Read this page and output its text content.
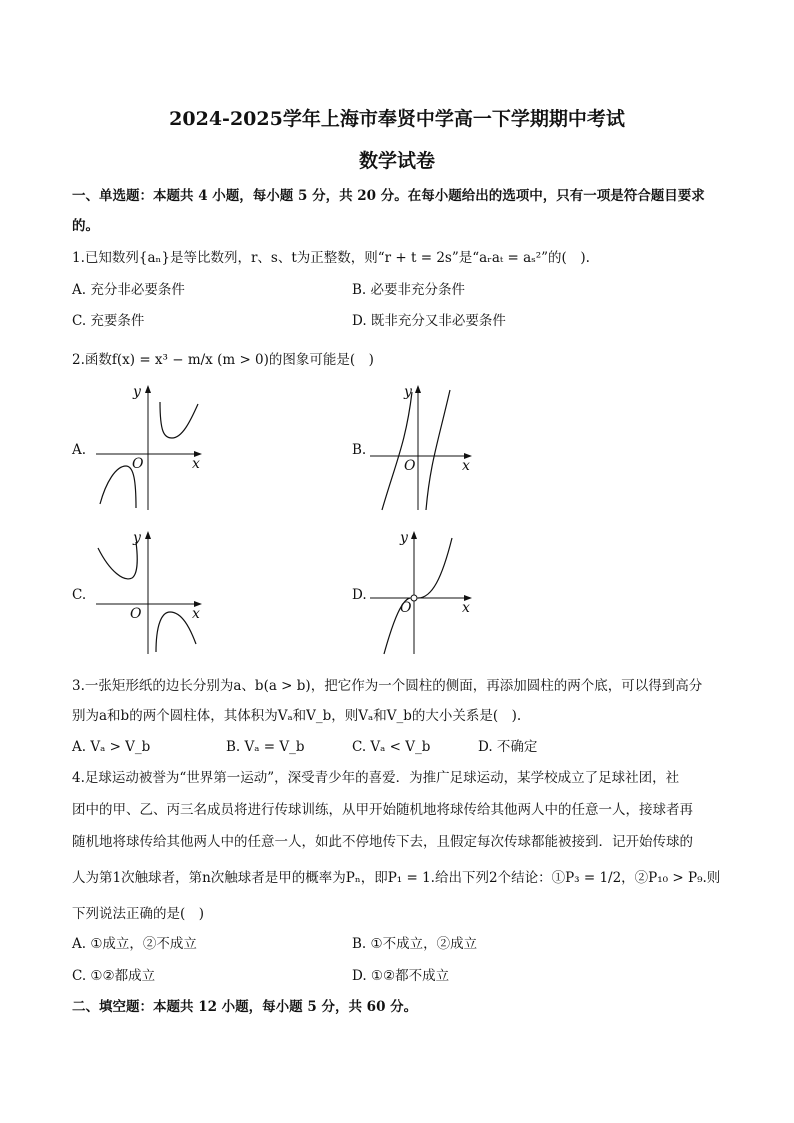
2024-2025学年上海市奉贤中学高一下学期期中考试
数学试卷
一、单选题：本题共 4 小题，每小题 5 分，共 20 分。在每小题给出的选项中，只有一项是符合题目要求
的。
1.已知数列{aₙ}是等比数列，r、s、t为正整数，则“r + t = 2s”是“aᵣaₜ = aₛ²”的(　).
A. 充分非必要条件	B. 必要非充分条件
C. 充要条件	D. 既非充分又非必要条件
2.函数f(x) = x³ − m/x (m > 0)的图象可能是(　)
A.
O	x
y
B.
O	x
y
C.
O	x
y
D.
O	x
y
3.一张矩形纸的边长分别为a、b(a > b)，把它作为一个圆柱的侧面，再添加圆柱的两个底，可以得到高分
别为a和b的两个圆柱体，其体积为Vₐ和V_b，则Vₐ和V_b的大小关系是(　).
A. Vₐ > V_b	B. Vₐ = V_b	C. Vₐ < V_b	D. 不确定
4.足球运动被誉为“世界第一运动”，深受青少年的喜爱．为推广足球运动，某学校成立了足球社团，社
团中的甲、乙、丙三名成员将进行传球训练，从甲开始随机地将球传给其他两人中的任意一人，接球者再
随机地将球传给其他两人中的任意一人，如此不停地传下去，且假定每次传球都能被接到．记开始传球的
人为第1次触球者，第n次触球者是甲的概率为Pₙ，即P₁ = 1.给出下列2个结论：①P₃ = 1/2，②P₁₀ > P₉.则
下列说法正确的是(　)
A. ①成立，②不成立	B. ①不成立，②成立
C. ①②都成立	D. ①②都不成立
二、填空题：本题共 12 小题，每小题 5 分，共 60 分。
